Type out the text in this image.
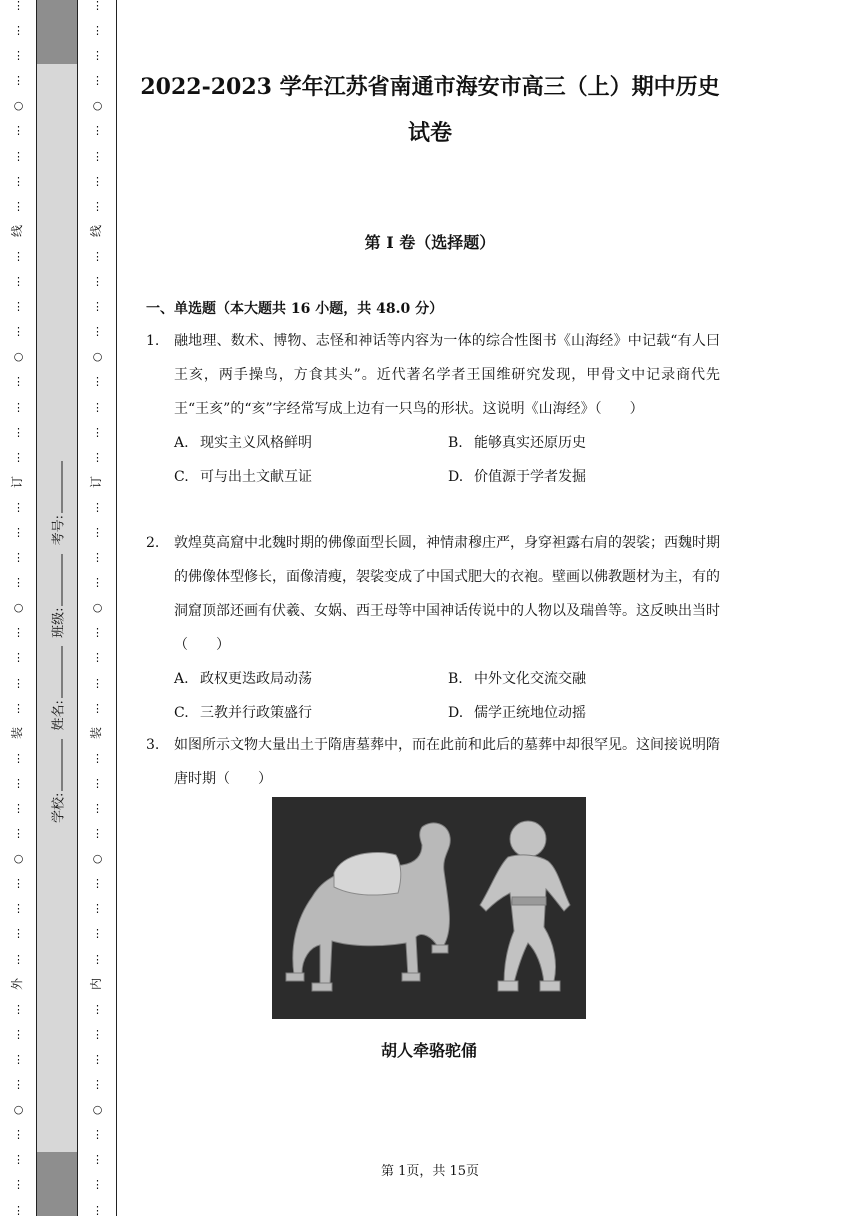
⋮
⋮
⋮
⋮
○
⋮
⋮
⋮
⋮
线
⋮
⋮
⋮
⋮
○
⋮
⋮
⋮
⋮
订
⋮
⋮
⋮
⋮
○
⋮
⋮
⋮
⋮
装
⋮
⋮
⋮
⋮
○
⋮
⋮
⋮
⋮
外
⋮
⋮
⋮
⋮
○
⋮
⋮
⋮
⋮
学校: 姓名: 班级: 考号:
⋮
⋮
⋮
⋮
○
⋮
⋮
⋮
⋮
线
⋮
⋮
⋮
⋮
○
⋮
⋮
⋮
⋮
订
⋮
⋮
⋮
⋮
○
⋮
⋮
⋮
⋮
装
⋮
⋮
⋮
⋮
○
⋮
⋮
⋮
⋮
内
⋮
⋮
⋮
⋮
○
⋮
⋮
⋮
⋮
2022-2023 学年江苏省南通市海安市高三（上）期中历史
试卷
第 I 卷（选择题）
一、单选题（本大题共 16 小题，共 48.0 分）
1. 融地理、数术、博物、志怪和神话等内容为一体的综合性图书《山海经》中记载“有人曰王亥，两手操鸟，方食其头”。近代著名学者王国维研究发现，甲骨文中记录商代先王“王亥”的“亥”字经常写成上边有一只鸟的形状。这说明《山海经》（　　）
A. 现实主义风格鲜明	B. 能够真实还原历史
C. 可与出土文献互证	D. 价值源于学者发掘
2. 敦煌莫高窟中北魏时期的佛像面型长圆，神情肃穆庄严，身穿袒露右肩的袈裟；西魏时期的佛像体型修长，面像清瘦，袈裟变成了中国式肥大的衣袍。壁画以佛教题材为主，有的洞窟顶部还画有伏羲、女娲、西王母等中国神话传说中的人物以及瑞兽等。这反映出当时（　　）
A. 政权更迭政局动荡	B. 中外文化交流交融
C. 三教并行政策盛行	D. 儒学正统地位动摇
3. 如图所示文物大量出土于隋唐墓葬中，而在此前和此后的墓葬中却很罕见。这间接说明隋唐时期（　　）
胡人牵骆驼俑
第 1页，共 15页
